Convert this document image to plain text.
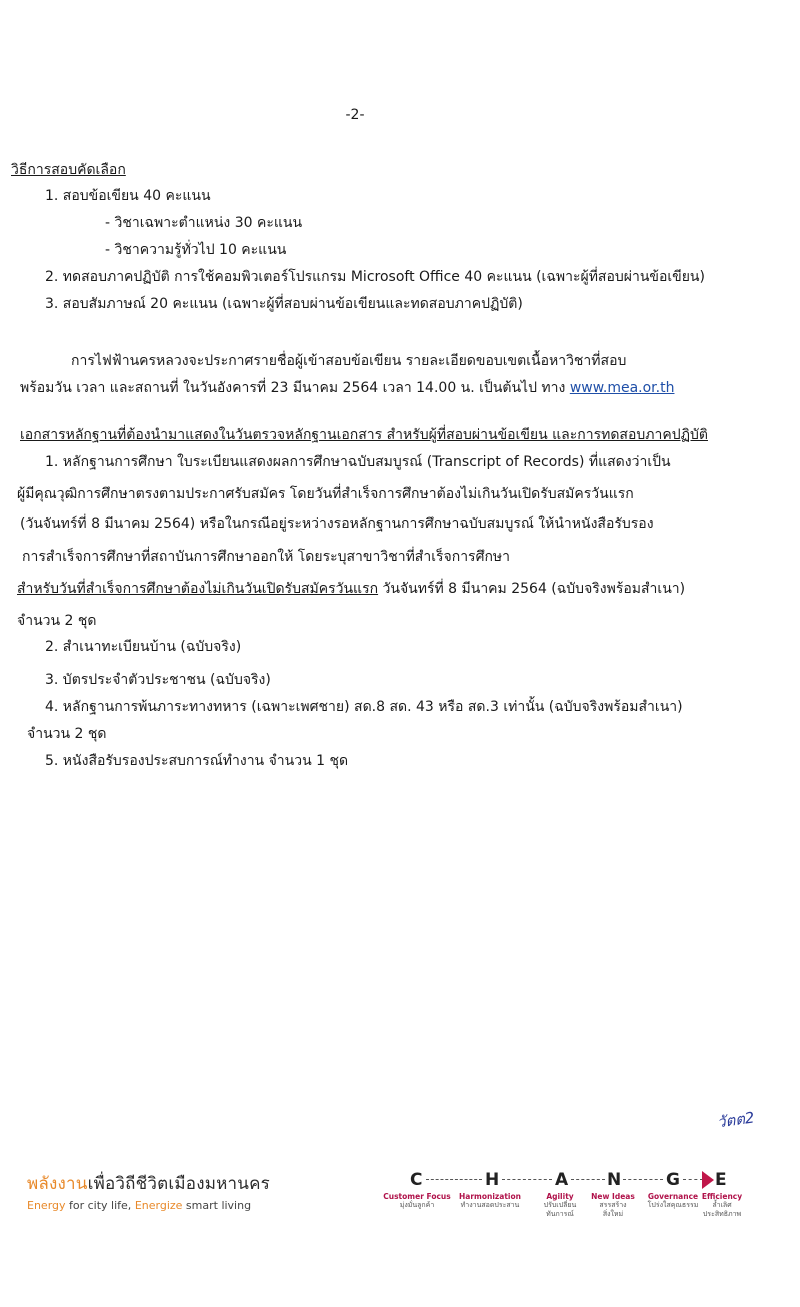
-2-
วิธีการสอบคัดเลือก
1. สอบข้อเขียน 40 คะแนน
- วิชาเฉพาะตำแหน่ง 30 คะแนน
- วิชาความรู้ทั่วไป 10 คะแนน
2. ทดสอบภาคปฏิบัติ การใช้คอมพิวเตอร์โปรแกรม Microsoft Office 40 คะแนน (เฉพาะผู้ที่สอบผ่านข้อเขียน)
3. สอบสัมภาษณ์ 20 คะแนน (เฉพาะผู้ที่สอบผ่านข้อเขียนและทดสอบภาคปฏิบัติ)
การไฟฟ้านครหลวงจะประกาศรายชื่อผู้เข้าสอบข้อเขียน รายละเอียดขอบเขตเนื้อหาวิชาที่สอบ
พร้อมวัน เวลา และสถานที่ ในวันอังคารที่ 23 มีนาคม 2564 เวลา 14.00 น. เป็นต้นไป ทาง www.mea.or.th
เอกสารหลักฐานที่ต้องนำมาแสดงในวันตรวจหลักฐานเอกสาร สำหรับผู้ที่สอบผ่านข้อเขียน และการทดสอบภาคปฏิบัติ
1. หลักฐานการศึกษา ใบระเบียนแสดงผลการศึกษาฉบับสมบูรณ์ (Transcript of Records) ที่แสดงว่าเป็น
ผู้มีคุณวุฒิการศึกษาตรงตามประกาศรับสมัคร โดยวันที่สำเร็จการศึกษาต้องไม่เกินวันเปิดรับสมัครวันแรก
(วันจันทร์ที่ 8 มีนาคม 2564) หรือในกรณีอยู่ระหว่างรอหลักฐานการศึกษาฉบับสมบูรณ์ ให้นำหนังสือรับรอง
การสำเร็จการศึกษาที่สถาบันการศึกษาออกให้ โดยระบุสาขาวิชาที่สำเร็จการศึกษา
สำหรับวันที่สำเร็จการศึกษาต้องไม่เกินวันเปิดรับสมัครวันแรก วันจันทร์ที่ 8 มีนาคม 2564 (ฉบับจริงพร้อมสำเนา)
จำนวน 2 ชุด
2. สำเนาทะเบียนบ้าน (ฉบับจริง)
3. บัตรประจำตัวประชาชน (ฉบับจริง)
4. หลักฐานการพ้นภาระทางทหาร (เฉพาะเพศชาย) สด.8 สด. 43 หรือ สด.3 เท่านั้น (ฉบับจริงพร้อมสำเนา)
จำนวน 2 ชุด
5. หนังสือรับรองประสบการณ์ทำงาน จำนวน 1 ชุด
วัตต2
พลังงานเพื่อวิถีชีวิตเมืองมหานคร
Energy for city life, Energize smart living
C	H	A N	G E
Customer Focus
มุ่งมั่นลูกค้า
Harmonization
ทำงานสอดประสาน
Agility
ปรับเปลี่ยนทันการณ์
New Ideas
สรรสร้างสิ่งใหม่
Governance
โปร่งใสคุณธรรม
Efficiency
ล้ำเลิศประสิทธิภาพ
